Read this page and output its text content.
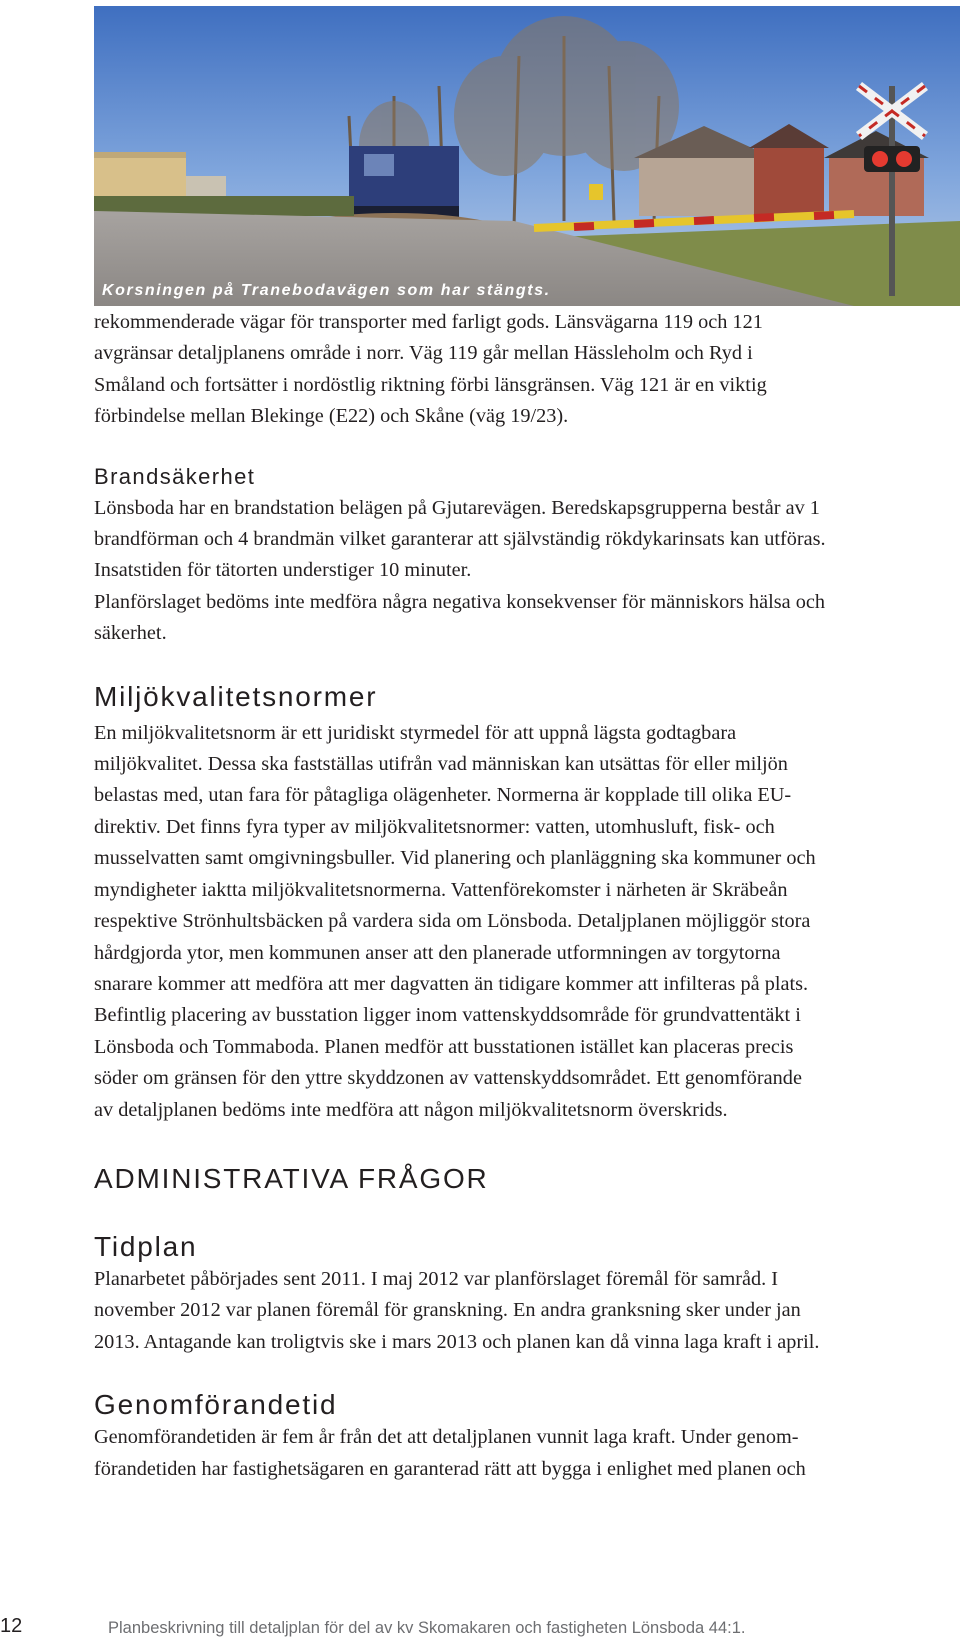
Korsningen på Tranebodavägen som har stängts.

rekommenderade vägar för transporter med farligt gods. Länsvägarna 119 och 121

avgränsar detaljplanens område i norr. Väg 119 går mellan Hässleholm och Ryd i

Småland och fortsätter i nordöstlig riktning förbi länsgränsen. Väg 121 är en viktig

förbindelse mellan Blekinge (E22) och Skåne (väg 19/23).

Brandsäkerhet

Lönsboda har en brandstation belägen på Gjutarevägen. Beredskapsgrupperna består av 1

brandförman och 4 brandmän vilket garanterar att självständig rökdykarinsats kan utföras.

Insatstiden för tätorten understiger 10 minuter.

Planförslaget bedöms inte medföra några negativa konsekvenser för människors hälsa och

säkerhet.

Miljökvalitetsnormer

En miljökvalitetsnorm är ett juridiskt styrmedel för att uppnå lägsta godtagbara

miljökvalitet. Dessa ska fastställas utifrån vad människan kan utsättas för eller miljön

belastas med, utan fara för påtagliga olägenheter. Normerna är kopplade till olika EU-

direktiv. Det finns fyra typer av miljökvalitetsnormer: vatten, utomhusluft, fisk- och

musselvatten samt omgivningsbuller. Vid planering och planläggning ska kommuner och

myndigheter iaktta miljökvalitetsnormerna. Vattenförekomster i närheten är Skräbeån

respektive Strönhultsbäcken på vardera sida om Lönsboda. Detaljplanen möjliggör stora

hårdgjorda ytor, men kommunen anser att den planerade utformningen av torgytorna

snarare kommer att medföra att mer dagvatten än tidigare kommer att infilteras på plats.

Befintlig placering av busstation ligger inom vattenskyddsområde för grundvattentäkt i

Lönsboda och Tommaboda. Planen medför att busstationen istället kan placeras precis

söder om gränsen för den yttre skyddzonen av vattenskyddsområdet. Ett genomförande

av detaljplanen bedöms inte medföra att någon miljökvalitetsnorm överskrids.

ADMINISTRATIVA FRÅGOR
Tidplan

Planarbetet påbörjades sent 2011. I maj 2012 var planförslaget föremål för samråd. I

november 2012 var planen föremål för granskning. En andra granksning sker under jan

2013. Antagande kan troligtvis ske i mars 2013 och planen kan då vinna laga kraft i april.

Genomförandetid

Genomförandetiden är fem år från det att detaljplanen vunnit laga kraft. Under genom-

förandetiden har fastighetsägaren en garanterad rätt att bygga i enlighet med planen och

12	Planbeskrivning till detaljplan för del av kv Skomakaren och fastigheten Lönsboda 44:1.
